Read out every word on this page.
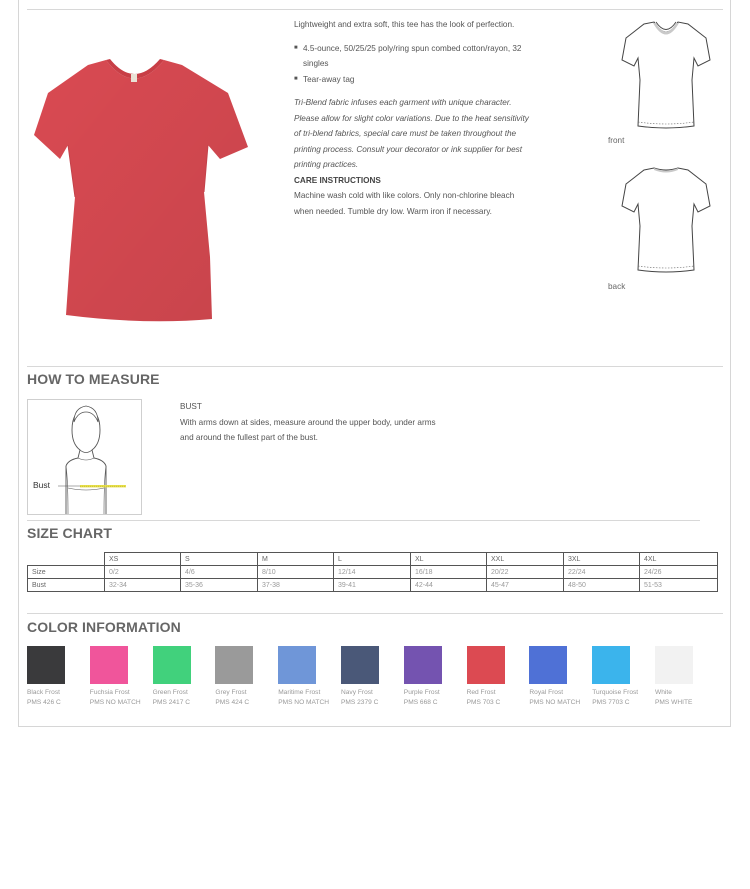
Lightweight and extra soft, this tee has the look of perfection.

■ 4.5-ounce, 50/25/25 poly/ring spun combed cotton/rayon, 32 singles
■ Tear-away tag

Tri-Blend fabric infuses each garment with unique character. Please allow for slight color variations. Due to the heat sensitivity of tri-blend fabrics, special care must be taken throughout the printing process. Consult your decorator or ink supplier for best printing practices.

CARE INSTRUCTIONS

Machine wash cold with like colors. Only non-chlorine bleach when needed. Tumble dry low. Warm iron if necessary.

front
back
HOW TO MEASURE
Bust
BUST
With arms down at sides, measure around the upper body, under arms and around the fullest part of the bust.
SIZE CHART
	XS	S	M	L	XL	XXL	3XL	4XL
Size	0/2	4/6	8/10	12/14	16/18	20/22	22/24	24/26
Bust	32-34	35-36	37-38	39-41	42-44	45-47	48-50	51-53
COLOR INFORMATION
Black Frost
PMS 426 C
Fuchsia Frost
PMS NO MATCH
Green Frost
PMS 2417 C
Grey Frost
PMS 424 C
Maritime Frost
PMS NO MATCH
Navy Frost
PMS 2379 C
Purple Frost
PMS 668 C
Red Frost
PMS 703 C
Royal Frost
PMS NO MATCH
Turquoise Frost
PMS 7703 C
White
PMS WHITE
